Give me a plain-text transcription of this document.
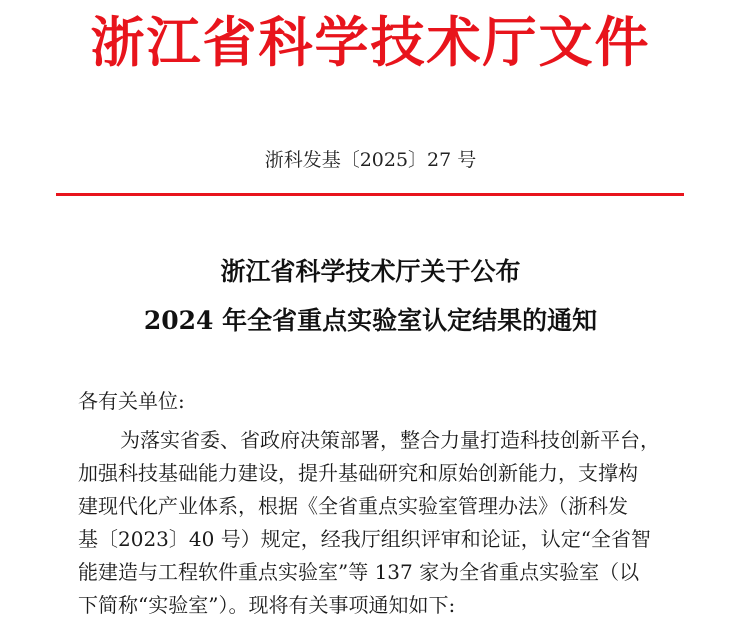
浙江省科学技术厅文件
浙科发基〔2025〕27 号
浙江省科学技术厅关于公布
2024 年全省重点实验室认定结果的通知
各有关单位:
为落实省委、省政府决策部署，整合力量打造科技创新平台，
加强科技基础能力建设，提升基础研究和原始创新能力，支撑构
建现代化产业体系，根据《全省重点实验室管理办法》（浙科发
基〔2023〕40 号）规定，经我厅组织评审和论证，认定“全省智
能建造与工程软件重点实验室”等 137 家为全省重点实验室（以
下简称“实验室”）。现将有关事项通知如下:
